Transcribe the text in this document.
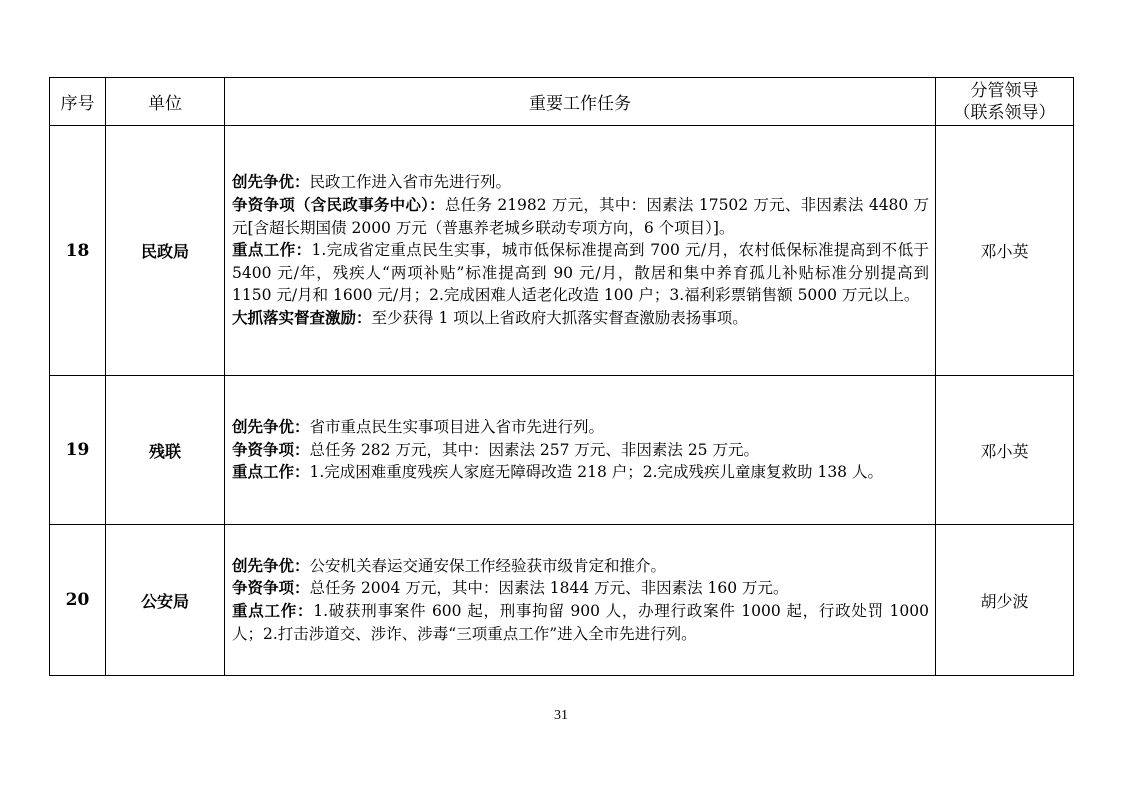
序号	单位	重要工作任务	分管领导
（联系领导）

18	民政局	创先争优：民政工作进入省市先进行列。

争资争项（含民政事务中心）：总任务 21982 万元，其中：因素法 17502 万元、非因素法 4480 万元[含超长期国债 2000 万元（普惠养老城乡联动专项方向，6 个项目）]。

重点工作：1.完成省定重点民生实事，城市低保标准提高到 700 元/月，农村低保标准提高到不低于 5400 元/年，残疾人“两项补贴”标准提高到 90 元/月，散居和集中养育孤儿补贴标准分别提高到 1150 元/月和 1600 元/月；2.完成困难人适老化改造 100 户；3.福利彩票销售额 5000 万元以上。

大抓落实督查激励：至少获得 1 项以上省政府大抓落实督查激励表扬事项。	邓小英
19	残联	创先争优：省市重点民生实事项目进入省市先进行列。

争资争项：总任务 282 万元，其中：因素法 257 万元、非因素法 25 万元。

重点工作：1.完成困难重度残疾人家庭无障碍改造 218 户；2.完成残疾儿童康复救助 138 人。	邓小英
20	公安局	创先争优：公安机关春运交通安保工作经验获市级肯定和推介。

争资争项：总任务 2004 万元，其中：因素法 1844 万元、非因素法 160 万元。

重点工作：1.破获刑事案件 600 起，刑事拘留 900 人，办理行政案件 1000 起，行政处罚 1000 人；2.打击涉道交、涉诈、涉毒“三项重点工作”进入全市先进行列。	胡少波
31
